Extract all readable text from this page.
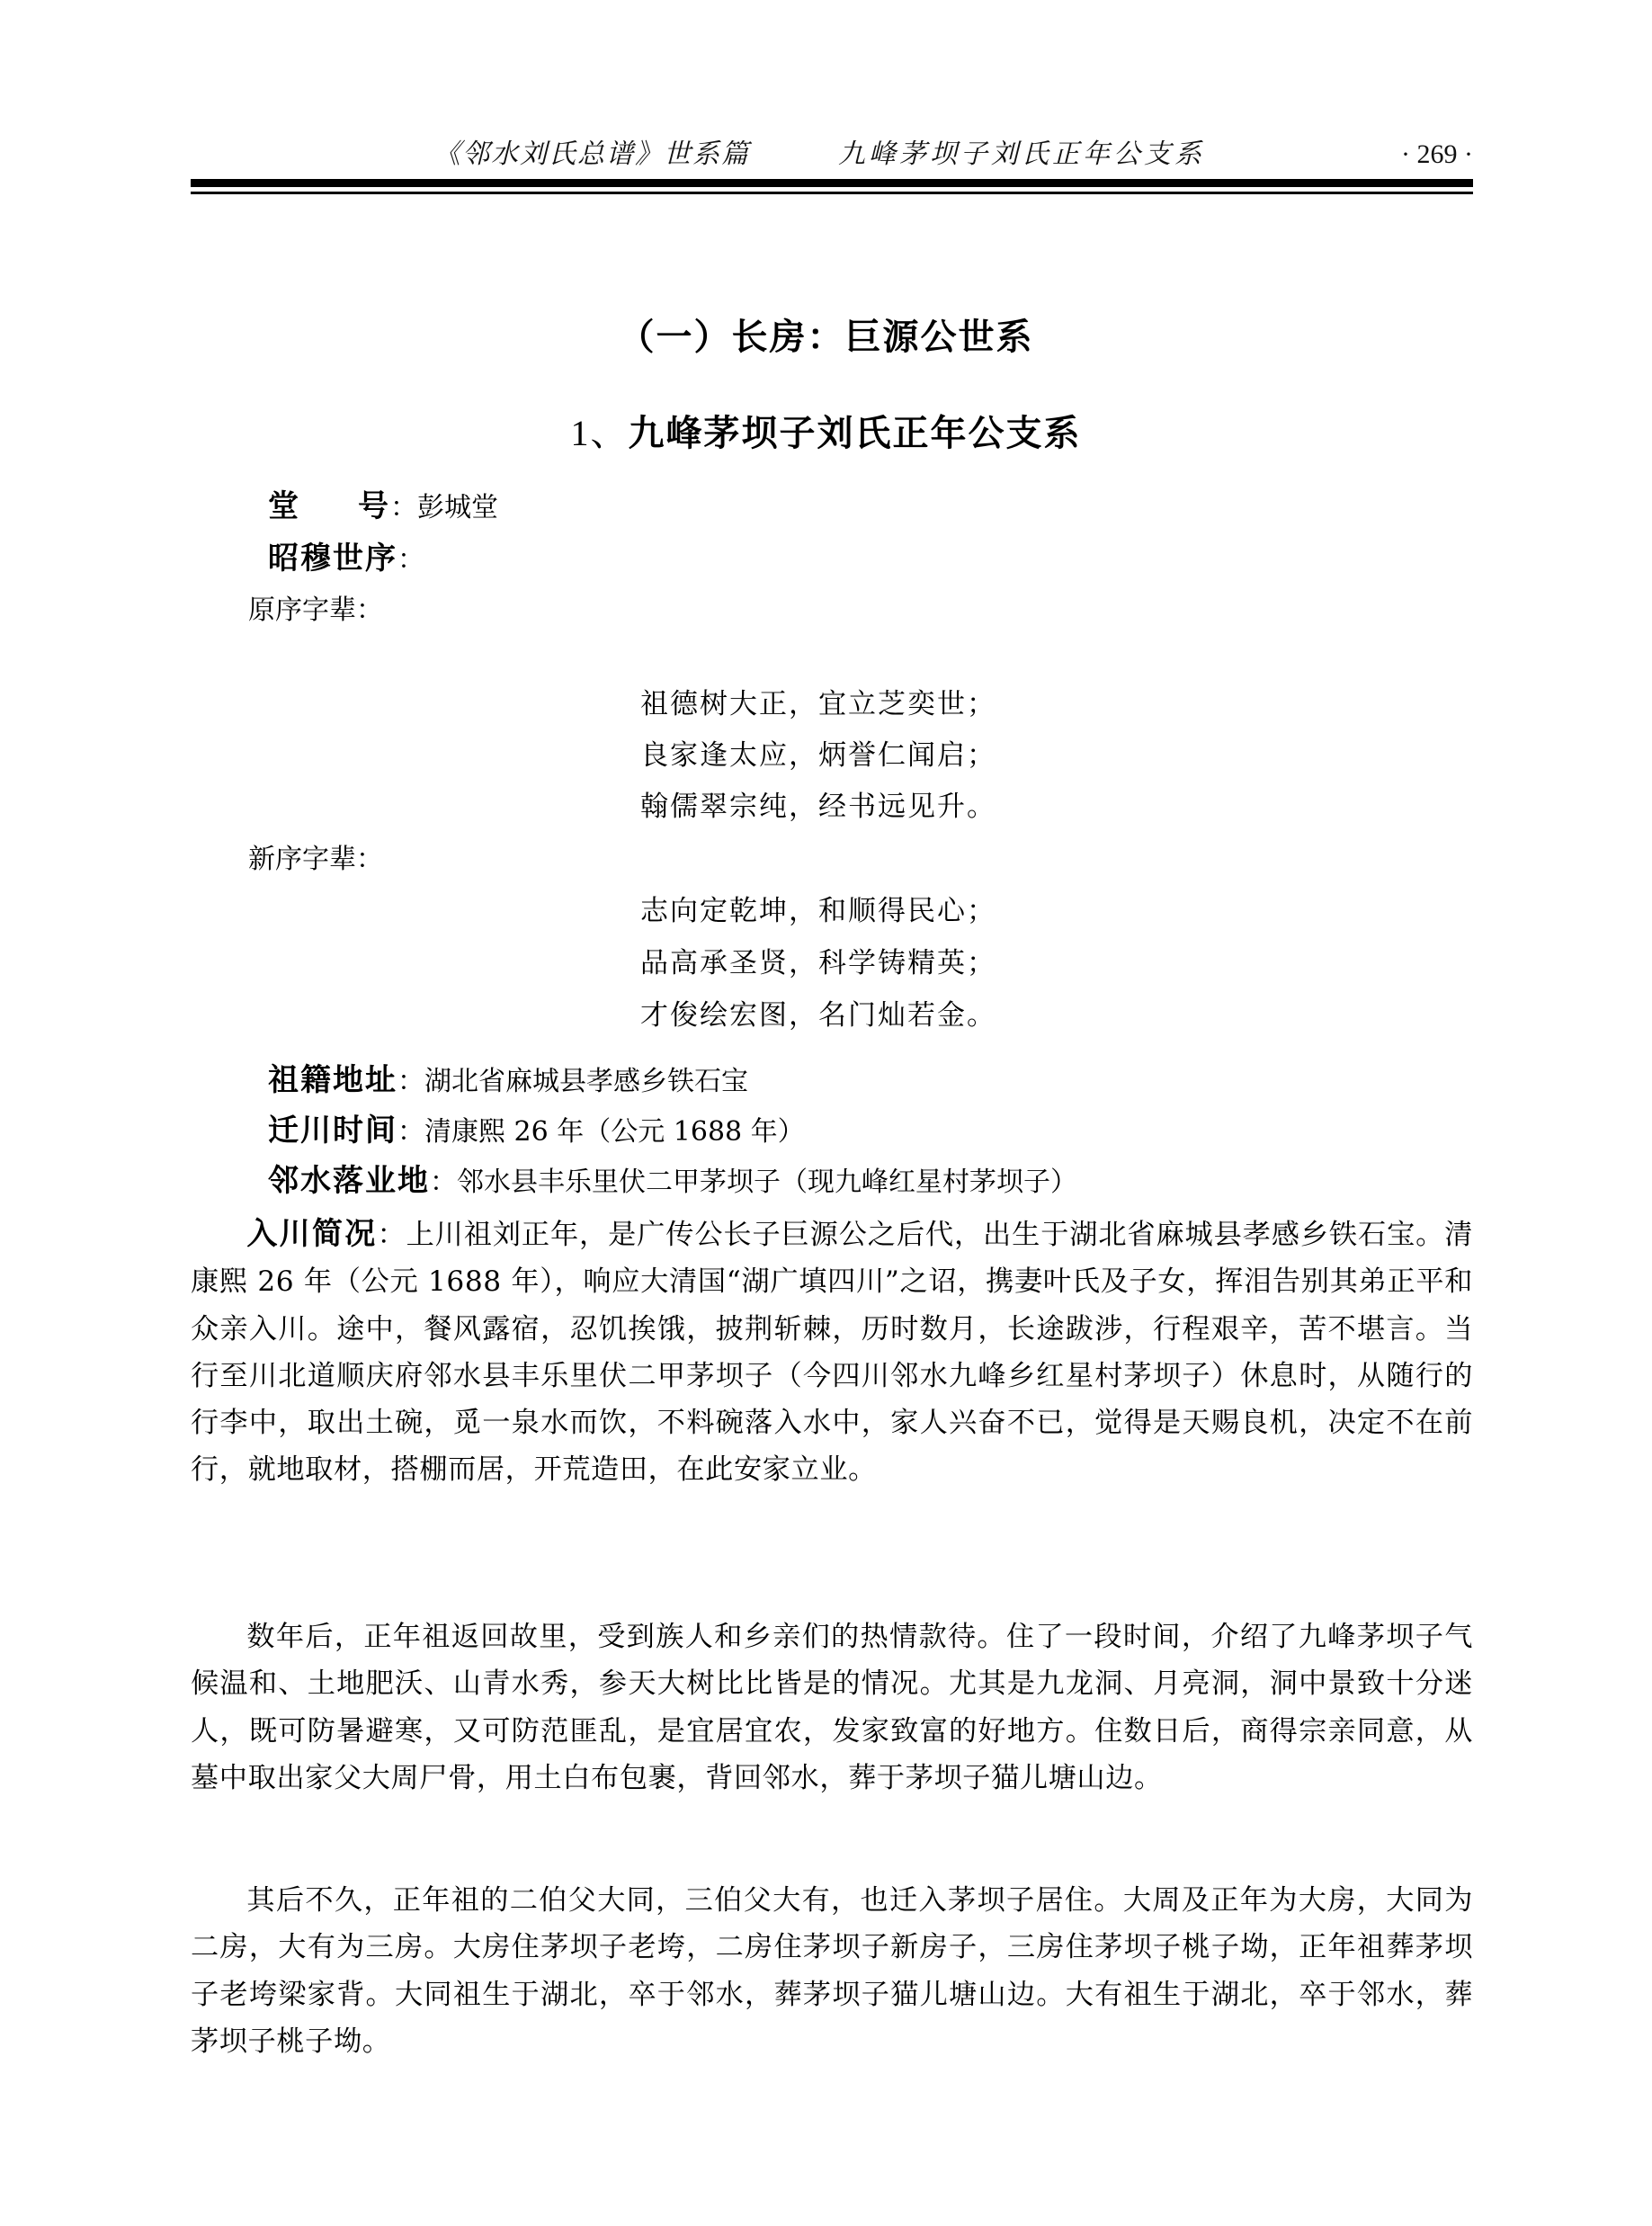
《邻水刘氏总谱》世系篇	九峰茅坝子刘氏正年公支系	· 269 ·
（一）长房：巨源公世系
1、九峰茅坝子刘氏正年公支系
堂 号：彭城堂
昭穆世序：
原序字辈：
祖德树大正，宜立芝奕世；
良家逢太应，炳誉仁闻启；
翰儒翠宗纯，经书远见升。
新序字辈：
志向定乾坤，和顺得民心；
品高承圣贤，科学铸精英；
才俊绘宏图，名门灿若金。
祖籍地址：湖北省麻城县孝感乡铁石宝
迁川时间：清康熙 26 年（公元 1688 年）
邻水落业地：邻水县丰乐里伏二甲茅坝子（现九峰红星村茅坝子）
入川简况：上川祖刘正年，是广传公长子巨源公之后代，出生于湖北省麻城县孝感乡铁石宝。清康熙 26 年（公元 1688 年），响应大清国“湖广填四川”之诏，携妻叶氏及子女，挥泪告别其弟正平和众亲入川。途中，餐风露宿，忍饥挨饿，披荆斩棘，历时数月，长途跋涉，行程艰辛，苦不堪言。当行至川北道顺庆府邻水县丰乐里伏二甲茅坝子（今四川邻水九峰乡红星村茅坝子）休息时，从随行的行李中，取出土碗，觅一泉水而饮，不料碗落入水中，家人兴奋不已，觉得是天赐良机，决定不在前行，就地取材，搭棚而居，开荒造田，在此安家立业。
数年后，正年祖返回故里，受到族人和乡亲们的热情款待。住了一段时间，介绍了九峰茅坝子气候温和、土地肥沃、山青水秀，参天大树比比皆是的情况。尤其是九龙洞、月亮洞，洞中景致十分迷人，既可防暑避寒，又可防范匪乱，是宜居宜农，发家致富的好地方。住数日后，商得宗亲同意，从墓中取出家父大周尸骨，用土白布包裹，背回邻水，葬于茅坝子猫儿塘山边。
其后不久，正年祖的二伯父大同，三伯父大有，也迁入茅坝子居住。大周及正年为大房，大同为二房，大有为三房。大房住茅坝子老垮，二房住茅坝子新房子，三房住茅坝子桃子坳，正年祖葬茅坝子老垮梁家背。大同祖生于湖北，卒于邻水，葬茅坝子猫儿塘山边。大有祖生于湖北，卒于邻水，葬茅坝子桃子坳。
